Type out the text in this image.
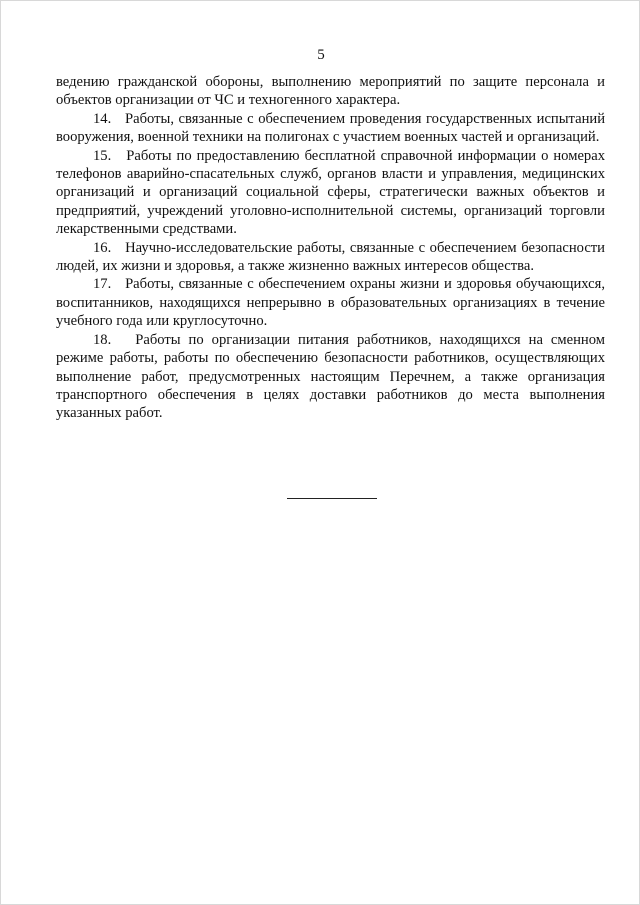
5

ведению гражданской обороны, выполнению мероприятий по защите персонала и объектов организации от ЧС и техногенного характера.

14. Работы, связанные с обеспечением проведения государственных испытаний вооружения, военной техники на полигонах с участием военных частей и организаций.

15. Работы по предоставлению бесплатной справочной информации о номерах телефонов аварийно-спасательных служб, органов власти и управления, медицинских организаций и организаций социальной сферы, стратегически важных объектов и предприятий, учреждений уголовно-исполнительной системы, организаций торговли лекарственными средствами.

16. Научно-исследовательские работы, связанные с обеспечением безопасности людей, их жизни и здоровья, а также жизненно важных интересов общества.

17. Работы, связанные с обеспечением охраны жизни и здоровья обучающихся, воспитанников, находящихся непрерывно в образовательных организациях в течение учебного года или круглосуточно.

18. Работы по организации питания работников, находящихся на сменном режиме работы, работы по обеспечению безопасности работников, осуществляющих выполнение работ, предусмотренных настоящим Перечнем, а также организация транспортного обеспечения в целях доставки работников до места выполнения указанных работ.
